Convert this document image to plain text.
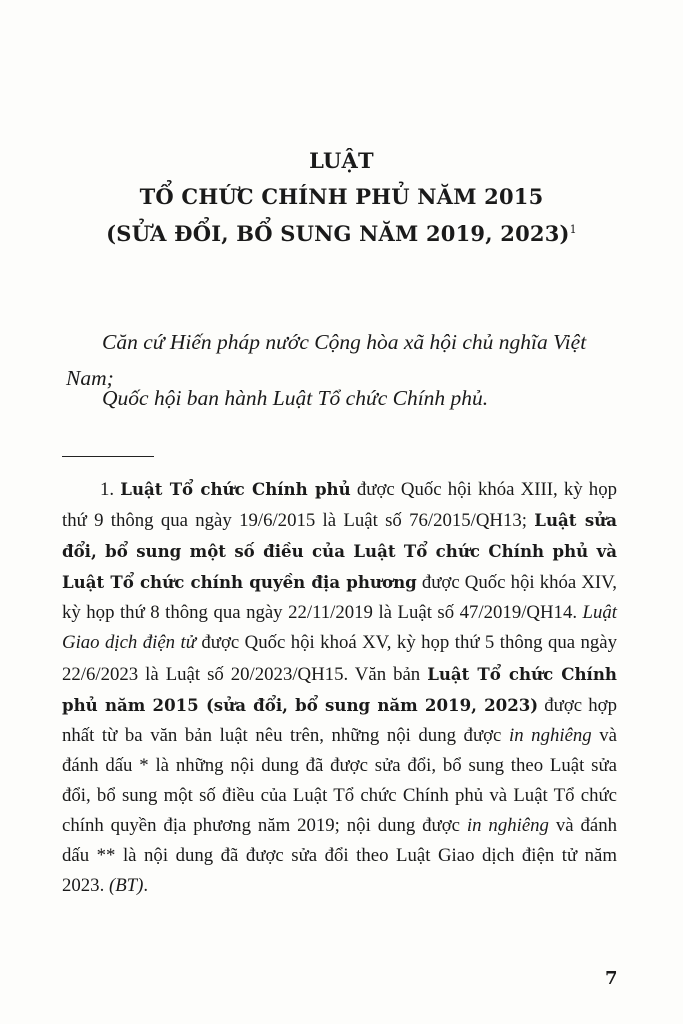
LUẬT
TỔ CHỨC CHÍNH PHỦ NĂM 2015
(SỬA ĐỔI, BỔ SUNG NĂM 2019, 2023)$^1$
Căn cứ Hiến pháp nước Cộng hòa xã hội chủ nghĩa Việt Nam;
Quốc hội ban hành Luật Tổ chức Chính phủ.
1. Luật Tổ chức Chính phủ được Quốc hội khóa XIII, kỳ họp thứ 9 thông qua ngày 19/6/2015 là Luật số 76/2015/QH13; Luật sửa đổi, bổ sung một số điều của Luật Tổ chức Chính phủ và Luật Tổ chức chính quyền địa phương được Quốc hội khóa XIV, kỳ họp thứ 8 thông qua ngày 22/11/2019 là Luật số 47/2019/QH14. Luật Giao dịch điện tử được Quốc hội khoá XV, kỳ họp thứ 5 thông qua ngày 22/6/2023 là Luật số 20/2023/QH15. Văn bản Luật Tổ chức Chính phủ năm 2015 (sửa đổi, bổ sung năm 2019, 2023) được hợp nhất từ ba văn bản luật nêu trên, những nội dung được in nghiêng và đánh dấu * là những nội dung đã được sửa đổi, bổ sung theo Luật sửa đổi, bổ sung một số điều của Luật Tổ chức Chính phủ và Luật Tổ chức chính quyền địa phương năm 2019; nội dung được in nghiêng và đánh dấu ** là nội dung đã được sửa đổi theo Luật Giao dịch điện tử năm 2023. (BT).
7
